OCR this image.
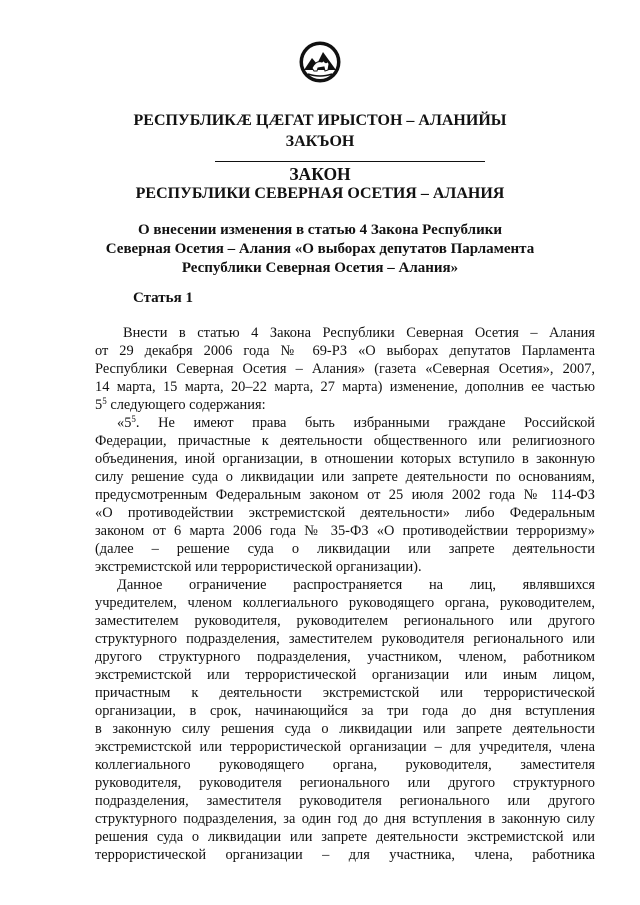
РЕСПУБЛИКÆ ЦÆГАТ ИРЫСТОН – АЛАНИЙЫ
ЗАКЪОН
ЗАКОН
РЕСПУБЛИКИ СЕВЕРНАЯ ОСЕТИЯ – АЛАНИЯ
О внесении изменения в статью 4 Закона Республики
Северная Осетия – Алания «О выборах депутатов Парламента
Республики Северная Осетия – Алания»
Статья 1
Внести в статью 4 Закона Республики Северная Осетия – Алания
от 29 декабря 2006 года № 69-РЗ «О выборах депутатов Парламента
Республики Северная Осетия – Алания» (газета «Северная Осетия», 2007,
14 марта, 15 марта, 20–22 марта, 27 марта) изменение, дополнив ее частью
$5^5$ следующего содержания:
«$5^5$. Не имеют права быть избранными граждане Российской
Федерации, причастные к деятельности общественного или религиозного
объединения, иной организации, в отношении которых вступило в законную
силу решение суда о ликвидации или запрете деятельности по основаниям,
предусмотренным Федеральным законом от 25 июля 2002 года № 114-ФЗ
«О противодействии экстремистской деятельности» либо Федеральным
законом от 6 марта 2006 года № 35-ФЗ «О противодействии терроризму»
(далее – решение суда о ликвидации или запрете деятельности
экстремистской или террористической организации).
Данное ограничение распространяется на лиц, являвшихся
учредителем, членом коллегиального руководящего органа, руководителем,
заместителем руководителя, руководителем регионального или другого
структурного подразделения, заместителем руководителя регионального или
другого структурного подразделения, участником, членом, работником
экстремистской или террористической организации или иным лицом,
причастным к деятельности экстремистской или террористической
организации, в срок, начинающийся за три года до дня вступления
в законную силу решения суда о ликвидации или запрете деятельности
экстремистской или террористической организации – для учредителя, члена
коллегиального руководящего органа, руководителя, заместителя
руководителя, руководителя регионального или другого структурного
подразделения, заместителя руководителя регионального или другого
структурного подразделения, за один год до дня вступления в законную силу
решения суда о ликвидации или запрете деятельности экстремистской или
террористической организации – для участника, члена, работника
